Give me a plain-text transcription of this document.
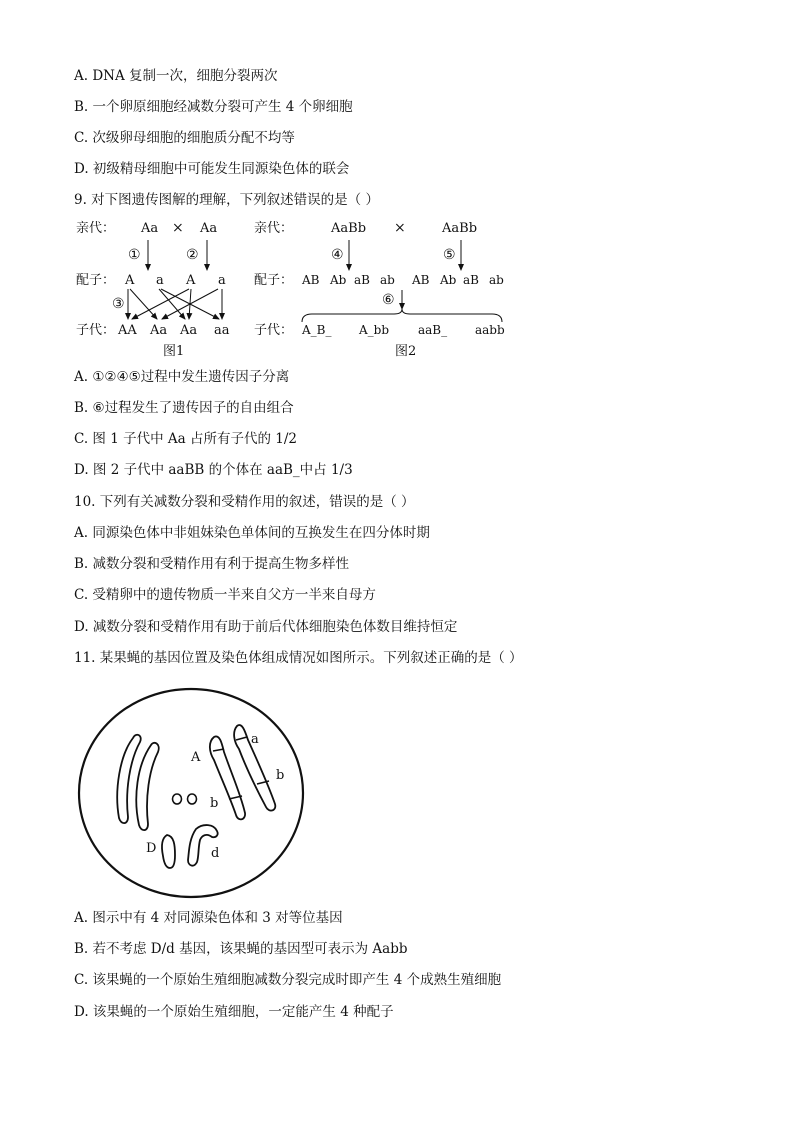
A. DNA 复制一次，细胞分裂两次
B. 一个卵原细胞经减数分裂可产生 4 个卵细胞
C. 次级卵母细胞的细胞质分配不均等
D. 初级精母细胞中可能发生同源染色体的联会
9. 对下图遗传图解的理解，下列叙述错误的是（ ）
亲代： Aa × Aa
①	②
配子： A a A a
③
子代： AA Aa Aa aa
图1
亲代：	AaBb ×	AaBb
④	⑤
配子： AB Ab aB ab AB Ab aB ab
⑥
子代： A_B_ A_bb aaB_ aabb
图2
A
a
b
b
D	d
A. ①②④⑤过程中发生遗传因子分离
B. ⑥过程发生了遗传因子的自由组合
C. 图 1 子代中 Aa 占所有子代的 1/2
D. 图 2 子代中 aaBB 的个体在 aaB_中占 1/3
10. 下列有关减数分裂和受精作用的叙述，错误的是（ ）
A. 同源染色体中非姐妹染色单体间的互换发生在四分体时期
B. 减数分裂和受精作用有利于提高生物多样性
C. 受精卵中的遗传物质一半来自父方一半来自母方
D. 减数分裂和受精作用有助于前后代体细胞染色体数目维持恒定
11. 某果蝇的基因位置及染色体组成情况如图所示。下列叙述正确的是（ ）
A. 图示中有 4 对同源染色体和 3 对等位基因
B. 若不考虑 D/d 基因，该果蝇的基因型可表示为 Aabb
C. 该果蝇的一个原始生殖细胞减数分裂完成时即产生 4 个成熟生殖细胞
D. 该果蝇的一个原始生殖细胞，一定能产生 4 种配子
